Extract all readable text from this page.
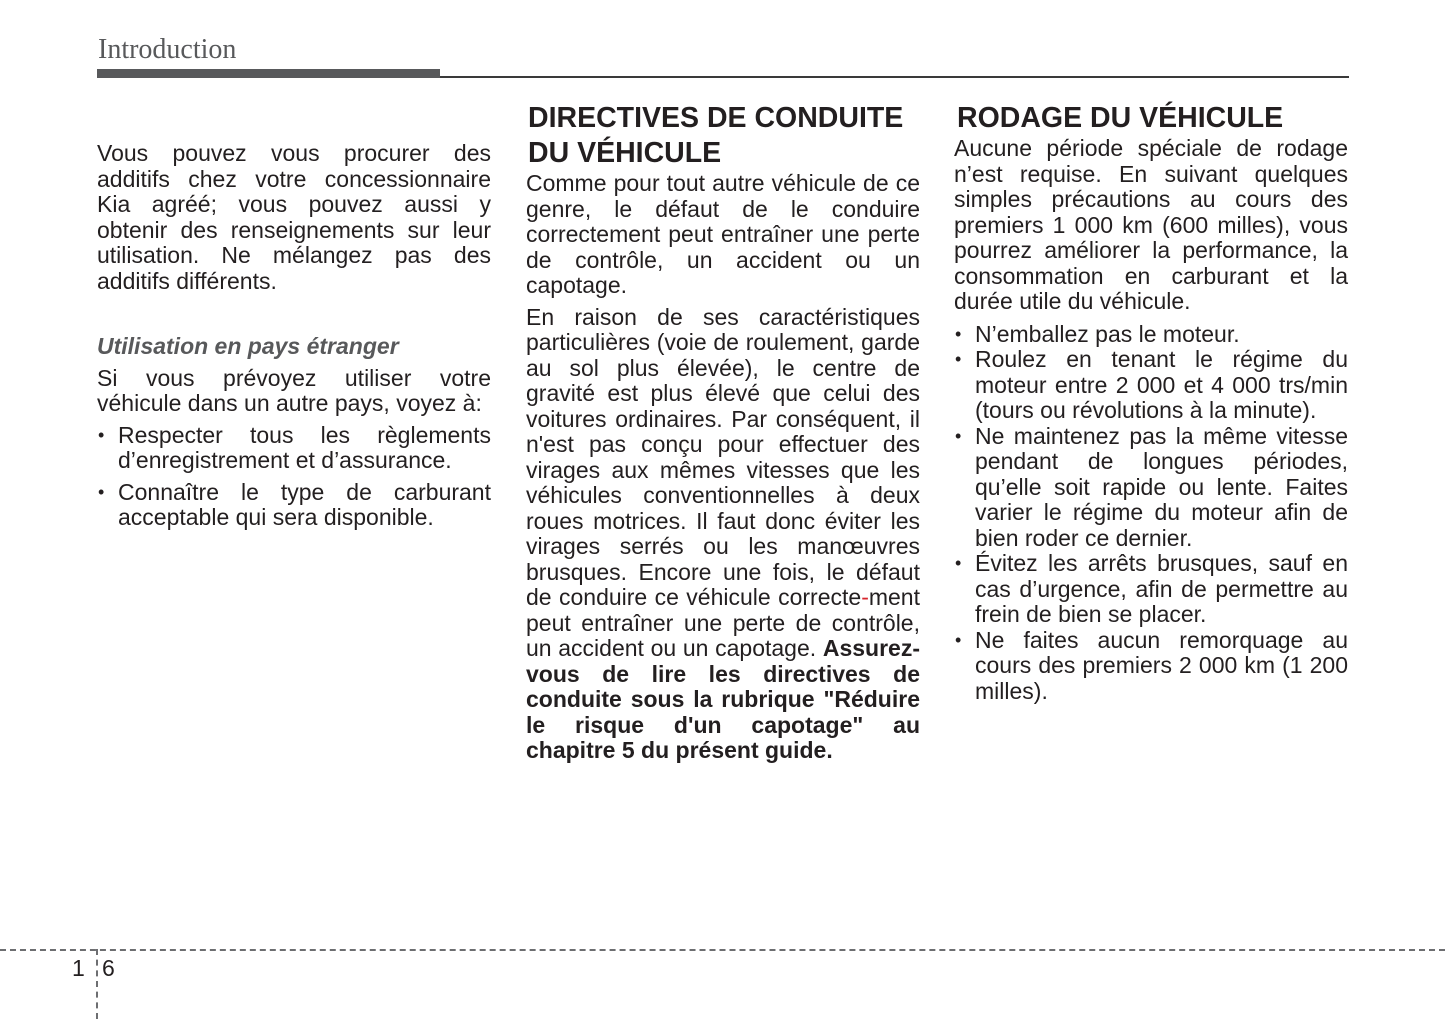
Introduction

Vous pouvez vous procurer des additifs chez votre concessionnaire Kia agréé; vous pouvez aussi y obtenir des renseignements sur leur utilisation. Ne mélangez pas des additifs différents.

Utilisation en pays étranger

Si vous prévoyez utiliser votre véhicule dans un autre pays, voyez à:

• Respecter tous les règlements d’enregistrement et d’assurance.
• Connaître le type de carburant acceptable qui sera disponible.
DIRECTIVES DE CONDUITE
DU VÉHICULE

Comme pour tout autre véhicule de ce genre, le défaut de le conduire correctement peut entraîner une perte de contrôle, un accident ou un capotage.

En raison de ses caractéristiques particulières (voie de roulement, garde au sol plus élevée), le centre de gravité est plus élevé que celui des voitures ordinaires. Par conséquent, il n'est pas conçu pour effectuer des virages aux mêmes vitesses que les véhicules conventionnelles à deux roues motrices. Il faut donc éviter les virages serrés ou les manœuvres brusques. Encore une fois, le défaut de conduire ce véhicule correcte-ment peut entraîner une perte de contrôle, un accident ou un capotage. Assurez-vous de lire les directives de conduite sous la rubrique "Réduire le risque d'un capotage" au chapitre 5 du présent guide.

RODAGE DU VÉHICULE

Aucune période spéciale de rodage n’est requise. En suivant quelques simples précautions au cours des premiers 1 000 km (600 milles), vous pourrez améliorer la performance, la consommation en carburant et la durée utile du véhicule.

• N’emballez pas le moteur.
• Roulez en tenant le régime du moteur entre 2 000 et 4 000 trs/min (tours ou révolutions à la minute).
• Ne maintenez pas la même vitesse pendant de longues périodes, qu’elle soit rapide ou lente. Faites varier le régime du moteur afin de bien roder ce dernier.
• Évitez les arrêts brusques, sauf en cas d’urgence, afin de permettre au frein de bien se placer.
• Ne faites aucun remorquage au cours des premiers 2 000 km (1 200 milles).
1 6
